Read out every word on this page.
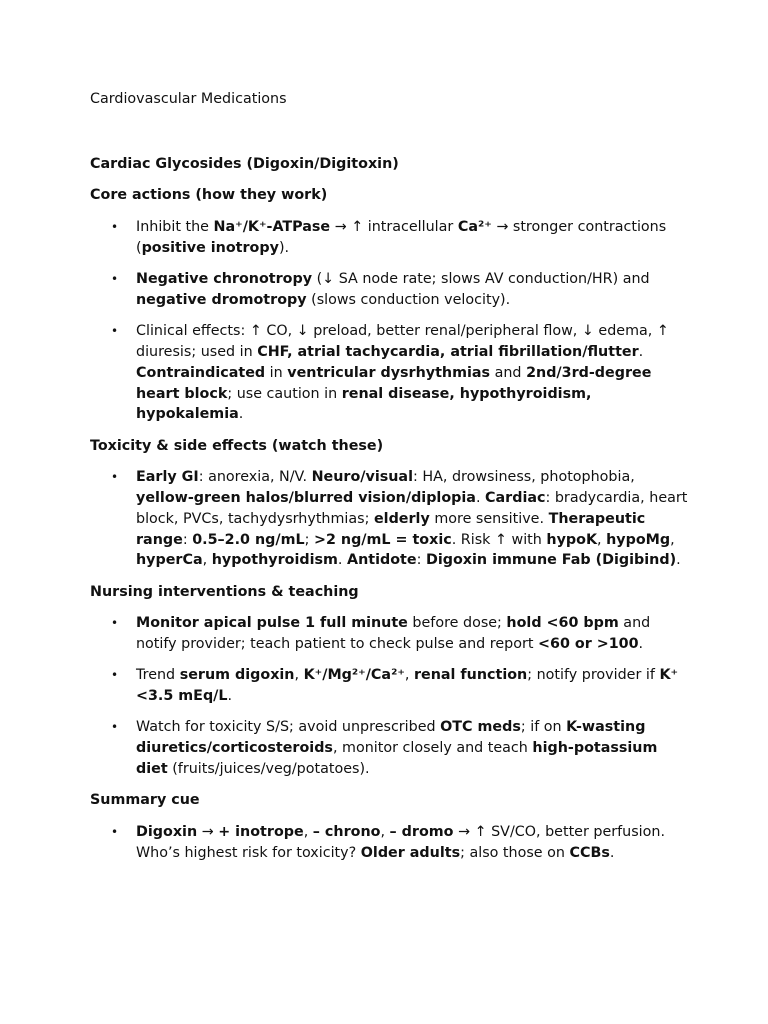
Cardiovascular Medications
Cardiac Glycosides (Digoxin/Digitoxin)
Core actions (how they work)
• Inhibit the Na⁺/K⁺-ATPase → ↑ intracellular Ca²⁺ → stronger contractions (positive inotropy).
• Negative chronotropy (↓ SA node rate; slows AV conduction/HR) and negative dromotropy (slows conduction velocity).
• Clinical effects: ↑ CO, ↓ preload, better renal/peripheral flow, ↓ edema, ↑ diuresis; used in CHF, atrial tachycardia, atrial fibrillation/flutter. Contraindicated in ventricular dysrhythmias and 2nd/3rd-degree heart block; use caution in renal disease, hypothyroidism, hypokalemia.
Toxicity & side effects (watch these)
• Early GI: anorexia, N/V. Neuro/visual: HA, drowsiness, photophobia, yellow-green halos/blurred vision/diplopia. Cardiac: bradycardia, heart block, PVCs, tachydysrhythmias; elderly more sensitive. Therapeutic range: 0.5–2.0 ng/mL; >2 ng/mL = toxic. Risk ↑ with hypoK, hypoMg, hyperCa, hypothyroidism. Antidote: Digoxin immune Fab (Digibind).
Nursing interventions & teaching
• Monitor apical pulse 1 full minute before dose; hold <60 bpm and notify provider; teach patient to check pulse and report <60 or >100.
• Trend serum digoxin, K⁺/Mg²⁺/Ca²⁺, renal function; notify provider if K⁺ <3.5 mEq/L.
• Watch for toxicity S/S; avoid unprescribed OTC meds; if on K-wasting diuretics/corticosteroids, monitor closely and teach high-potassium diet (fruits/juices/veg/potatoes).
Summary cue
• Digoxin → + inotrope, – chrono, – dromo → ↑ SV/CO, better perfusion. Who’s highest risk for toxicity? Older adults; also those on CCBs.
